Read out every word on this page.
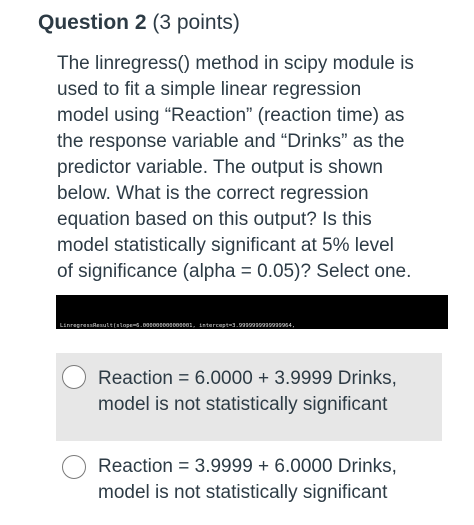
Question 2 (3 points)

The linregress() method in scipy module is

used to fit a simple linear regression

model using “Reaction” (reaction time) as

the response variable and “Drinks” as the

predictor variable. The output is shown

below. What is the correct regression

equation based on this output? Is this

model statistically significant at 5% level

of significance (alpha = 0.05)? Select one.

LinregressResult(slope=6.000000000000001, intercept=3.9999999999999964,

Reaction = 6.0000 + 3.9999 Drinks,
model is not statistically significant
Reaction = 3.9999 + 6.0000 Drinks,
model is not statistically significant
